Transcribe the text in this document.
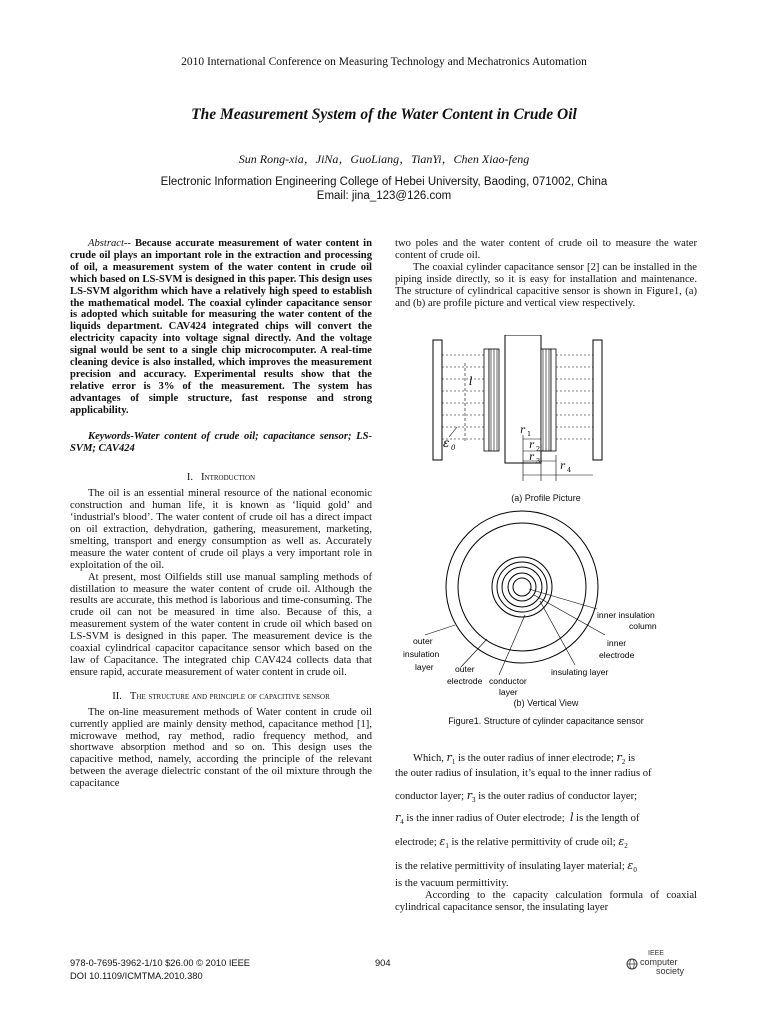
2010 International Conference on Measuring Technology and Mechatronics Automation
The Measurement System of the Water Content in Crude Oil
Sun Rong-xia，JiNa，GuoLiang，TianYi，Chen Xiao-feng
Electronic Information Engineering College of Hebei University, Baoding, 071002, China
Email: jina_123@126.com

Abstract-- Because accurate measurement of water content in crude oil plays an important role in the extraction and processing of oil, a measurement system of the water content in crude oil which based on LS-SVM is designed in this paper. This design uses LS-SVM algorithm which have a relatively high speed to establish the mathematical model. The coaxial cylinder capacitance sensor is adopted which suitable for measuring the water content of the liquids department. CAV424 integrated chips will convert the electricity capacity into voltage signal directly. And the voltage signal would be sent to a single chip microcomputer. A real-time cleaning device is also installed, which improves the measurement precision and accuracy. Experimental results show that the relative error is 3% of the measurement. The system has advantages of simple structure, fast response and strong applicability.

Keywords-Water content of crude oil; capacitance sensor; LS-SVM; CAV424

I. Introduction

The oil is an essential mineral resource of the national economic construction and human life, it is known as ‘liquid gold’ and ‘industrial's blood’. The water content of crude oil has a direct impact on oil extraction, dehydration, gathering, measurement, marketing, smelting, transport and energy consumption as well as. Accurately measure the water content of crude oil plays a very important role in exploitation of the oil.

At present, most Oilfields still use manual sampling methods of distillation to measure the water content of crude oil. Although the results are accurate, this method is laborious and time-consuming. The crude oil can not be measured in time also. Because of this, a measurement system of the water content in crude oil which based on LS-SVM is designed in this paper. The measurement device is the coaxial cylindrical capacitor capacitance sensor which based on the law of Capacitance. The integrated chip CAV424 collects data that ensure rapid, accurate measurement of water content in crude oil.

II. The structure and principle of capacitive sensor

The on-line measurement methods of Water content in crude oil currently applied are mainly density method, capacitance method [1], microwave method, ray method, radio frequency method, and shortwave absorption method and so on. This design uses the capacitive method, namely, according the principle of the relevant between the average dielectric constant of the oil mixture through the capacitance

two poles and the water content of crude oil to measure the water content of crude oil.

The coaxial cylinder capacitance sensor [2] can be installed in the piping inside directly, so it is easy for installation and maintenance. The structure of cylindrical capacitive sensor is shown in Figure1, (a) and (b) are profile picture and vertical view respectively.

l
ε 0
r 1
r 2
r 3 r 4
(a) Profile Picture
inner insulation
column
inner
electrode
insulating layer
conductor
layer
outer
electrode
outer
insulation
layer
(b) Vertical View
Figure1. Structure of cylinder capacitance sensor
Which, $r_1$ is the outer radius of inner electrode; $r_2$ is
the outer radius of insulation, it’s equal to the inner radius of
conductor layer; $r_3$ is the outer radius of conductor layer;
$r_4$ is the inner radius of Outer electrode; l is the length of
electrode; $\varepsilon_1$ is the relative permittivity of crude oil; $\varepsilon_2$
is the relative permittivity of insulating layer material; $\varepsilon_0$
is the vacuum permittivity.

According to the capacity calculation formula of coaxial cylindrical capacitance sensor, the insulating layer

978-0-7695-3962-1/10 $26.00 © 2010 IEEE
DOI 10.1109/ICMTMA.2010.380
904
IEEE
computer
society
